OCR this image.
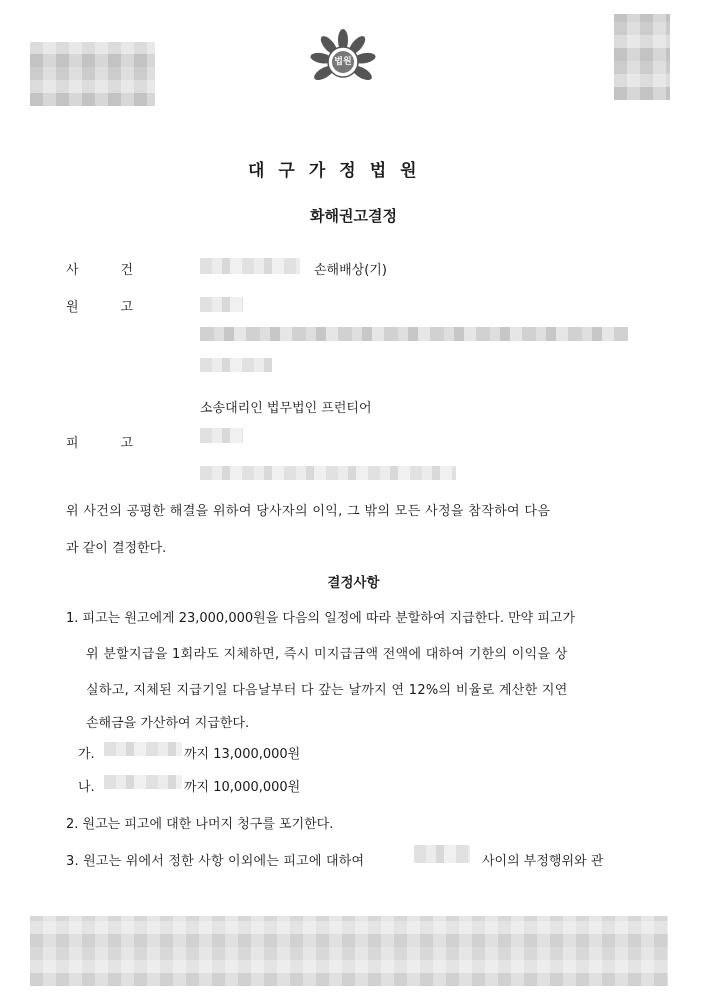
법원
대구가정법원
화해권고결정
사건	손해배상(기)
원고
소송대리인 법무법인 프런티어
피고
위 사건의 공평한 해결을 위하여 당사자의 이익, 그 밖의 모든 사정을 참작하여 다음
과 같이 결정한다.
결정사항
1. 피고는 원고에게 23,000,000원을 다음의 일정에 따라 분할하여 지급한다. 만약 피고가
위 분할지급을 1회라도 지체하면, 즉시 미지급금액 전액에 대하여 기한의 이익을 상
실하고, 지체된 지급기일 다음날부터 다 갚는 날까지 연 12%의 비율로 계산한 지연
손해금을 가산하여 지급한다.
가.	까지 13,000,000원
나.	까지 10,000,000원
2. 원고는 피고에 대한 나머지 청구를 포기한다.
3. 원고는 위에서 정한 사항 이외에는 피고에 대하여	사이의 부정행위와 관
